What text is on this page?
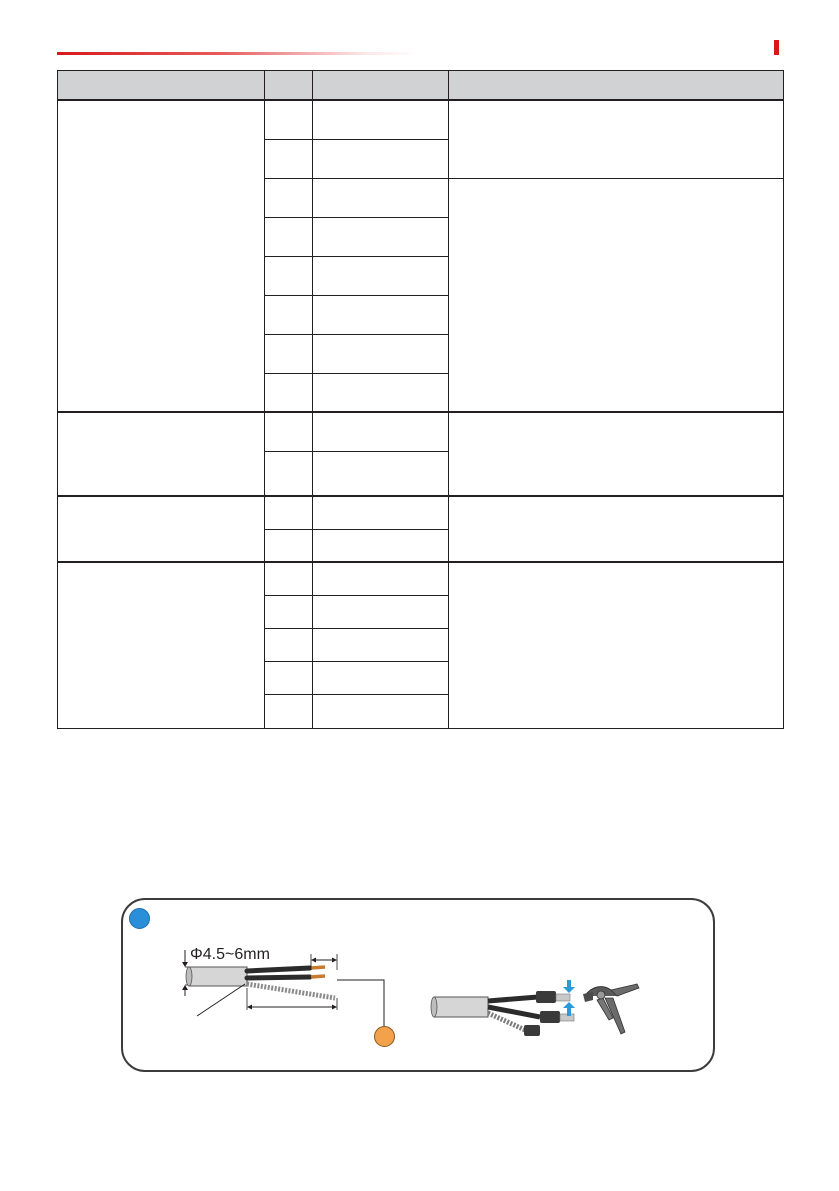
Φ4.5~6mm
